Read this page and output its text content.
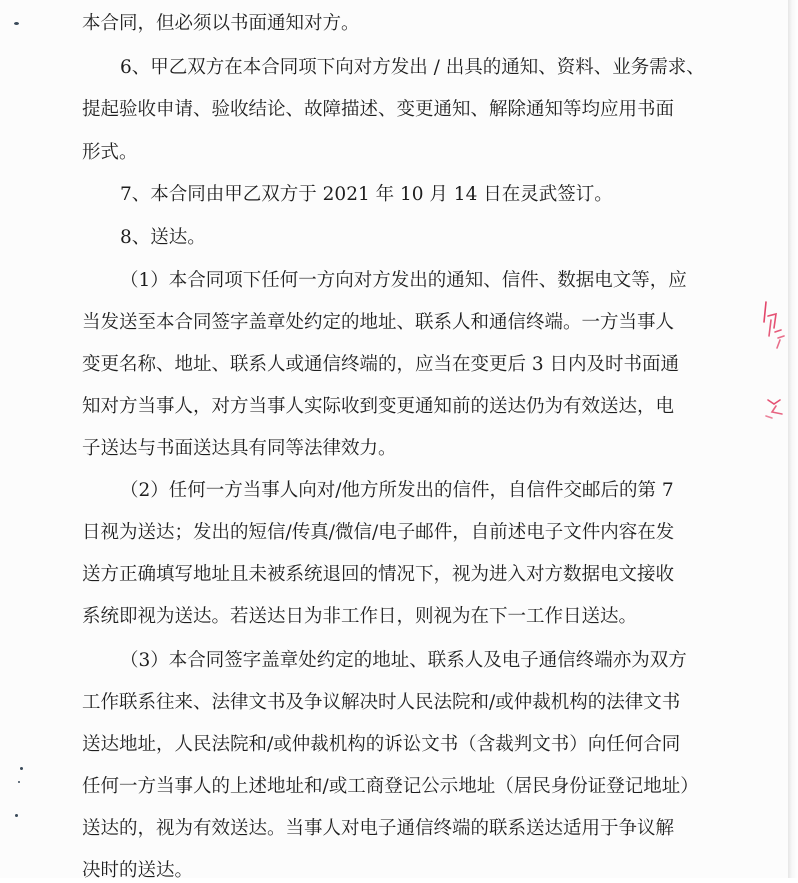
本合同，但必须以书面通知对方。

6、甲乙双方在本合同项下向对方发出 / 出具的通知、资料、业务需求、

提起验收申请、验收结论、故障描述、变更通知、解除通知等均应用书面

形式。

7、本合同由甲乙双方于 2021 年 10 月 14 日在灵武签订。

8、送达。

（1）本合同项下任何一方向对方发出的通知、信件、数据电文等，应

当发送至本合同签字盖章处约定的地址、联系人和通信终端。一方当事人

变更名称、地址、联系人或通信终端的，应当在变更后 3 日内及时书面通

知对方当事人，对方当事人实际收到变更通知前的送达仍为有效送达，电

子送达与书面送达具有同等法律效力。

（2）任何一方当事人向对/他方所发出的信件，自信件交邮后的第 7

日视为送达；发出的短信/传真/微信/电子邮件，自前述电子文件内容在发

送方正确填写地址且未被系统退回的情况下，视为进入对方数据电文接收

系统即视为送达。若送达日为非工作日，则视为在下一工作日送达。

（3）本合同签字盖章处约定的地址、联系人及电子通信终端亦为双方

工作联系往来、法律文书及争议解决时人民法院和/或仲裁机构的法律文书

送达地址，人民法院和/或仲裁机构的诉讼文书（含裁判文书）向任何合同

任何一方当事人的上述地址和/或工商登记公示地址（居民身份证登记地址）

送达的，视为有效送达。当事人对电子通信终端的联系送达适用于争议解

决时的送达。
